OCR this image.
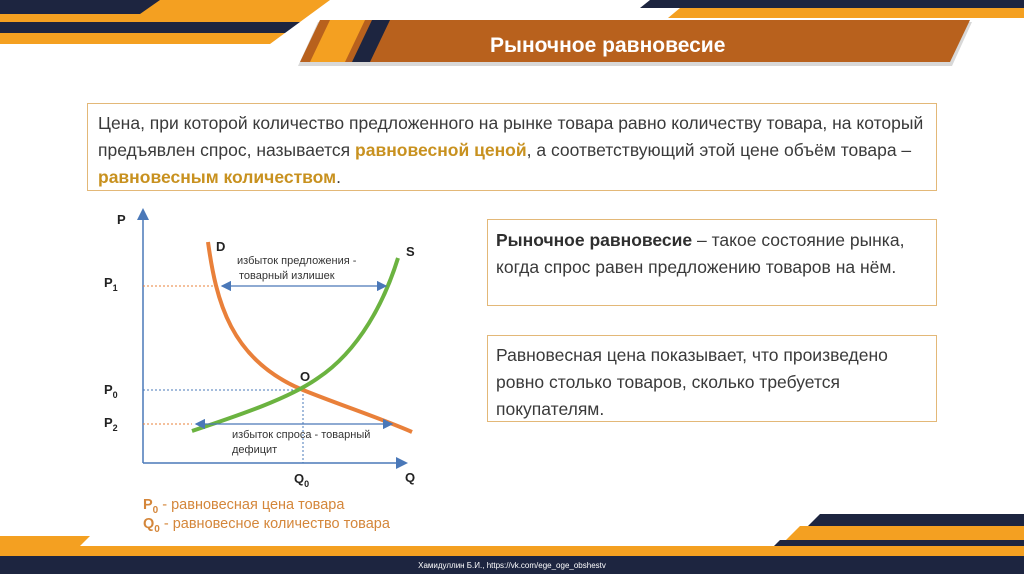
Рыночное равновесие
Цена, при которой количество предложенного на рынке товара равно количеству товара, на который предъявлен спрос, называется равновесной ценой, а соответствующий этой цене объём товара – равновесным количеством.
Рыночное равновесие – такое состояние рынка, когда спрос равен предложению товаров на нём.
Равновесная цена показывает, что произведено ровно столько товаров, сколько требуется покупателям.
P
Q
D	S
O
$P_1$
$P_0$
$P_2$
$Q_0$
избыток предложения -
товарный излишек
избыток спроса - товарный
дефицит
$P_0$ - равновесная цена товара
$Q_0$ - равновесное количество товара
Хамидуллин Б.И., https://vk.com/ege_oge_obshestv
